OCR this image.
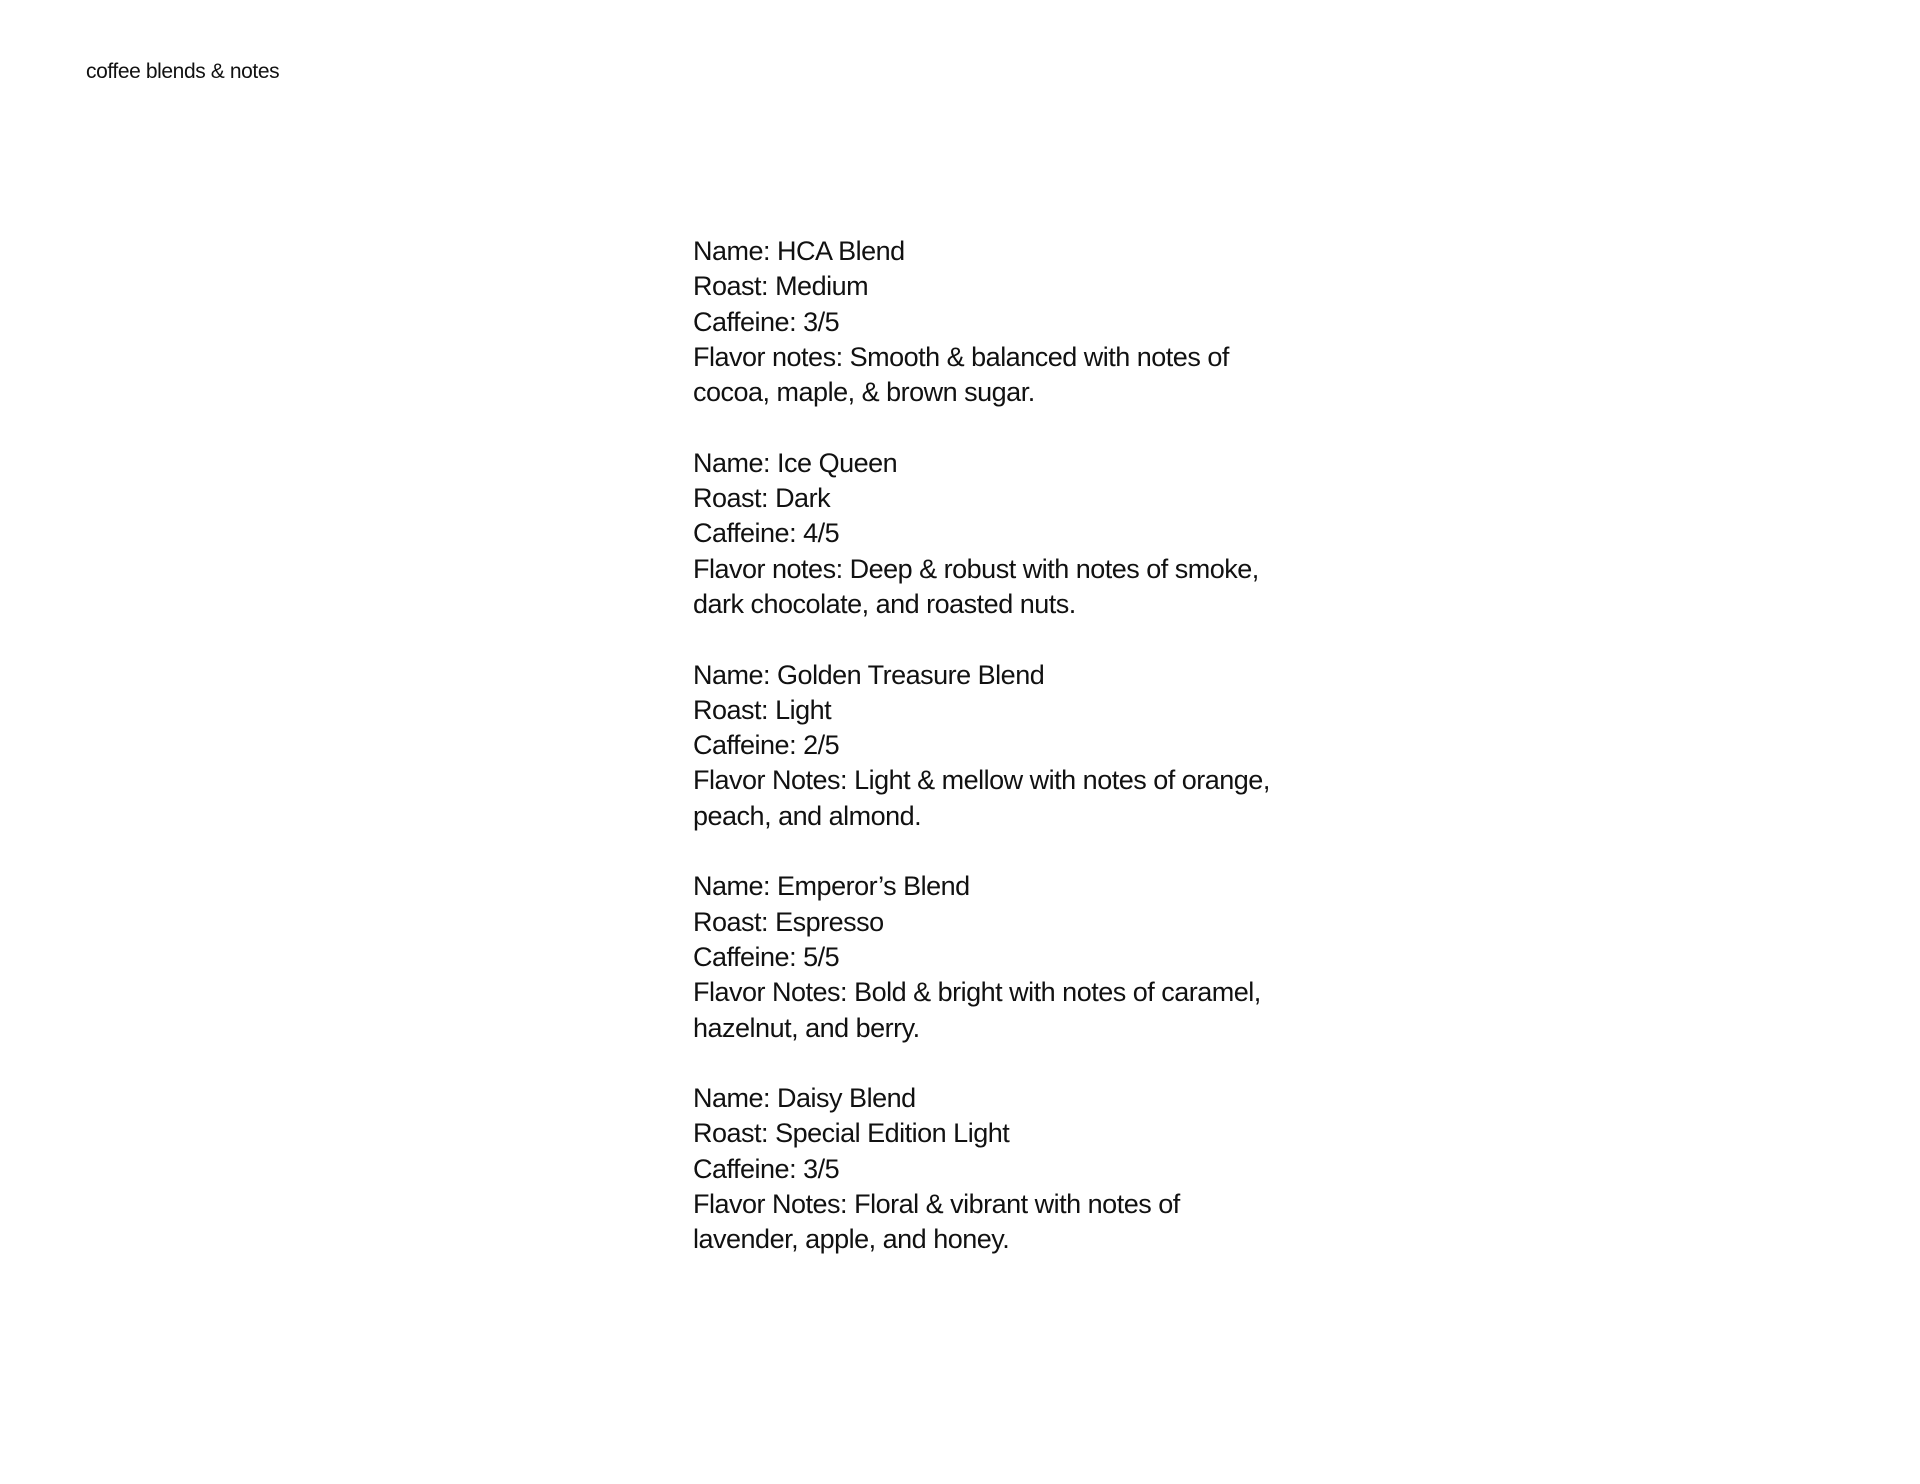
coffee blends & notes
Name: HCA Blend
Roast: Medium
Caffeine: 3/5
Flavor notes: Smooth & balanced with notes of
cocoa, maple, & brown sugar.
Name: Ice Queen
Roast: Dark
Caffeine: 4/5
Flavor notes: Deep & robust with notes of smoke,
dark chocolate, and roasted nuts.
Name: Golden Treasure Blend
Roast: Light
Caffeine: 2/5
Flavor Notes: Light & mellow with notes of orange,
peach, and almond.
Name: Emperor’s Blend
Roast: Espresso
Caffeine: 5/5
Flavor Notes: Bold & bright with notes of caramel,
hazelnut, and berry.
Name: Daisy Blend
Roast: Special Edition Light
Caffeine: 3/5
Flavor Notes: Floral & vibrant with notes of
lavender, apple, and honey.
